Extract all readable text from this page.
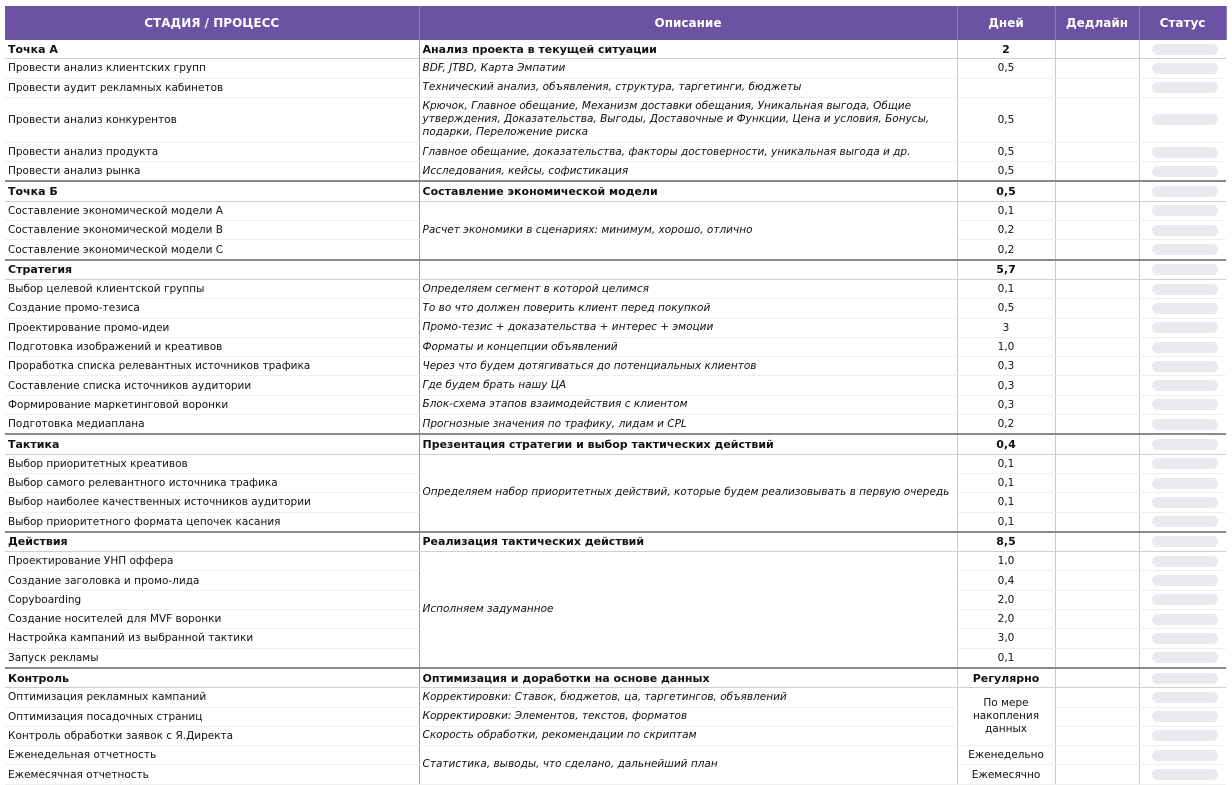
СТАДИЯ / ПРОЦЕСС	Описание	Дней	Дедлайн	Статус
Точка А	Анализ проекта в текущей ситуации	2		

Провести анализ клиентских групп	BDF, JTBD, Карта Эмпатии	0,5		

Провести аудит рекламных кабинетов	Технический анализ, объявления, структура, таргетинги, бюджеты			

Провести анализ конкурентов	Крючок, Главное обещание, Механизм доставки обещания, Уникальная выгода, Общие утверждения, Доказательства, Выгоды, Доставочные и Функции, Цена и условия, Бонусы, подарки, Переложение риска	0,5		

Провести анализ продукта	Главное обещание, доказательства, факторы достоверности, уникальная выгода и др.	0,5		

Провести анализ рынка	Исследования, кейсы, софистикация	0,5		

Точка Б	Составление экономической модели	0,5		

Составление экономической модели A	Расчет экономики в сценариях: минимум, хорошо, отлично	0,1		

Составление экономической модели B		0,2		

Составление экономической модели C		0,2		

Стратегия		5,7		

Выбор целевой клиентской группы	Определяем сегмент в которой целимся	0,1		

Создание промо-тезиса	То во что должен поверить клиент перед покупкой	0,5		

Проектирование промо-идеи	Промо-тезис + доказательства + интерес + эмоции	3		

Подготовка изображений и креативов	Форматы и концепции объявлений	1,0		

Проработка списка релевантных источников трафика	Через что будем дотягиваться до потенциальных клиентов	0,3		

Составление списка источников аудитории	Где будем брать нашу ЦА	0,3		

Формирование маркетинговой воронки	Блок-схема этапов взаимодействия с клиентом	0,3		

Подготовка медиаплана	Прогнозные значения по трафику, лидам и CPL	0,2		

Тактика	Презентация стратегии и выбор тактических действий	0,4		

Выбор приоритетных креативов	Определяем набор приоритетных действий, которые будем реализовывать в первую очередь	0,1		

Выбор самого релевантного источника трафика		0,1		

Выбор наиболее качественных источников аудитории		0,1		

Выбор приоритетного формата цепочек касания		0,1		

Действия	Реализация тактических действий	8,5		

Проектирование УНП оффера	Исполняем задуманное	1,0		

Создание заголовка и промо-лида		0,4		

Copyboarding		2,0		

Создание носителей для MVF воронки		2,0		

Настройка кампаний из выбранной тактики		3,0		

Запуск рекламы		0,1		

Контроль	Оптимизация и доработки на основе данных	Регулярно		

Оптимизация рекламных кампаний	Корректировки: Ставок, бюджетов, ца, таргетингов, объявлений	По мере накопления данных		

Оптимизация посадочных страниц	Корректировки: Элементов, текстов, форматов			

Контроль обработки заявок с Я.Директа	Скорость обработки, рекомендации по скриптам			

Еженедельная отчетность	Статистика, выводы, что сделано, дальнейший план	Еженедельно		

Ежемесячная отчетность		Ежемесячно		
